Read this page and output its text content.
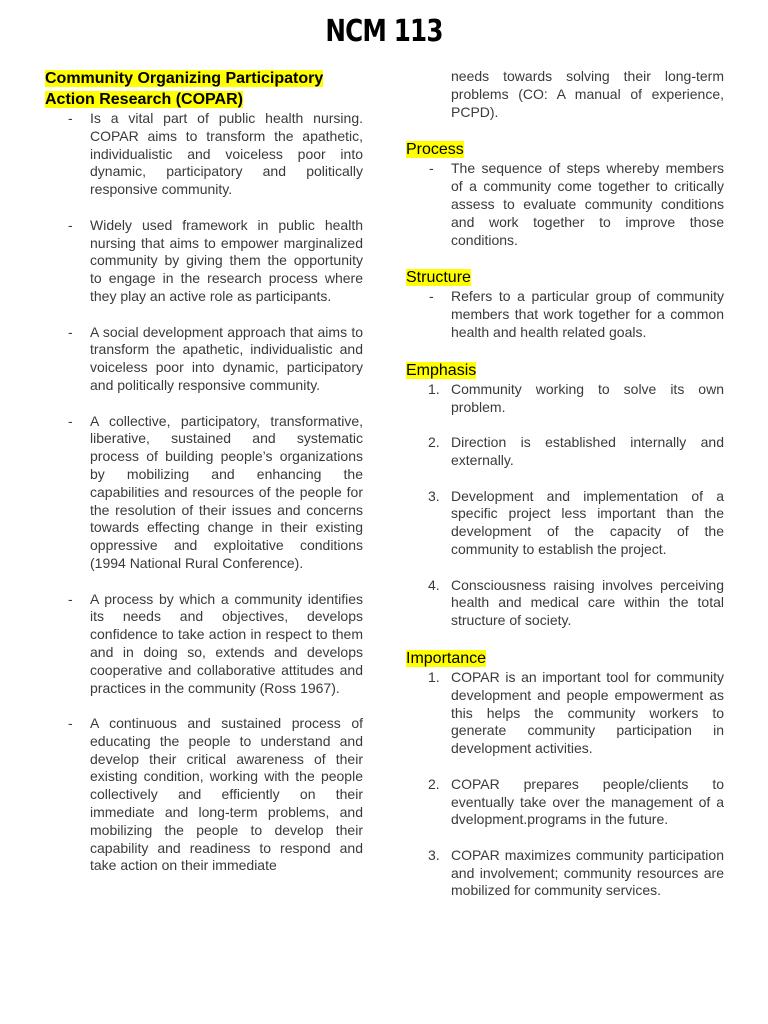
NCM 113
Community Organizing Participatory Action Research (COPAR)
- Is a vital part of public health nursing. COPAR aims to transform the apathetic, individualistic and voiceless poor into dynamic, participatory and politically responsive community.
- Widely used framework in public health nursing that aims to empower marginalized community by giving them the opportunity to engage in the research process where they play an active role as participants.
- A social development approach that aims to transform the apathetic, individualistic and voiceless poor into dynamic, participatory and politically responsive community.
- A collective, participatory, transformative, liberative, sustained and systematic process of building people’s organizations by mobilizing and enhancing the capabilities and resources of the people for the resolution of their issues and concerns towards effecting change in their existing oppressive and exploitative conditions (1994 National Rural Conference).
- A process by which a community identifies its needs and objectives, develops confidence to take action in respect to them and in doing so, extends and develops cooperative and collaborative attitudes and practices in the community (Ross 1967).
- A continuous and sustained process of educating the people to understand and develop their critical awareness of their existing condition, working with the people collectively and efficiently on their immediate and long-term problems, and mobilizing the people to develop their capability and readiness to respond and take action on their immediate
needs towards solving their long-term problems (CO: A manual of experience, PCPD).
Process
- The sequence of steps whereby members of a community come together to critically assess to evaluate community conditions and work together to improve those conditions.
Structure
- Refers to a particular group of community members that work together for a common health and health related goals.
Emphasis
1. Community working to solve its own problem.
2. Direction is established internally and externally.
3. Development and implementation of a specific project less important than the development of the capacity of the community to establish the project.
4. Consciousness raising involves perceiving health and medical care within the total structure of society.
Importance
1. COPAR is an important tool for community development and people empowerment as this helps the community workers to generate community participation in development activities.
2. COPAR prepares people/clients to eventually take over the management of a dvelopment.programs in the future.
3. COPAR maximizes community participation and involvement; community resources are mobilized for community services.
